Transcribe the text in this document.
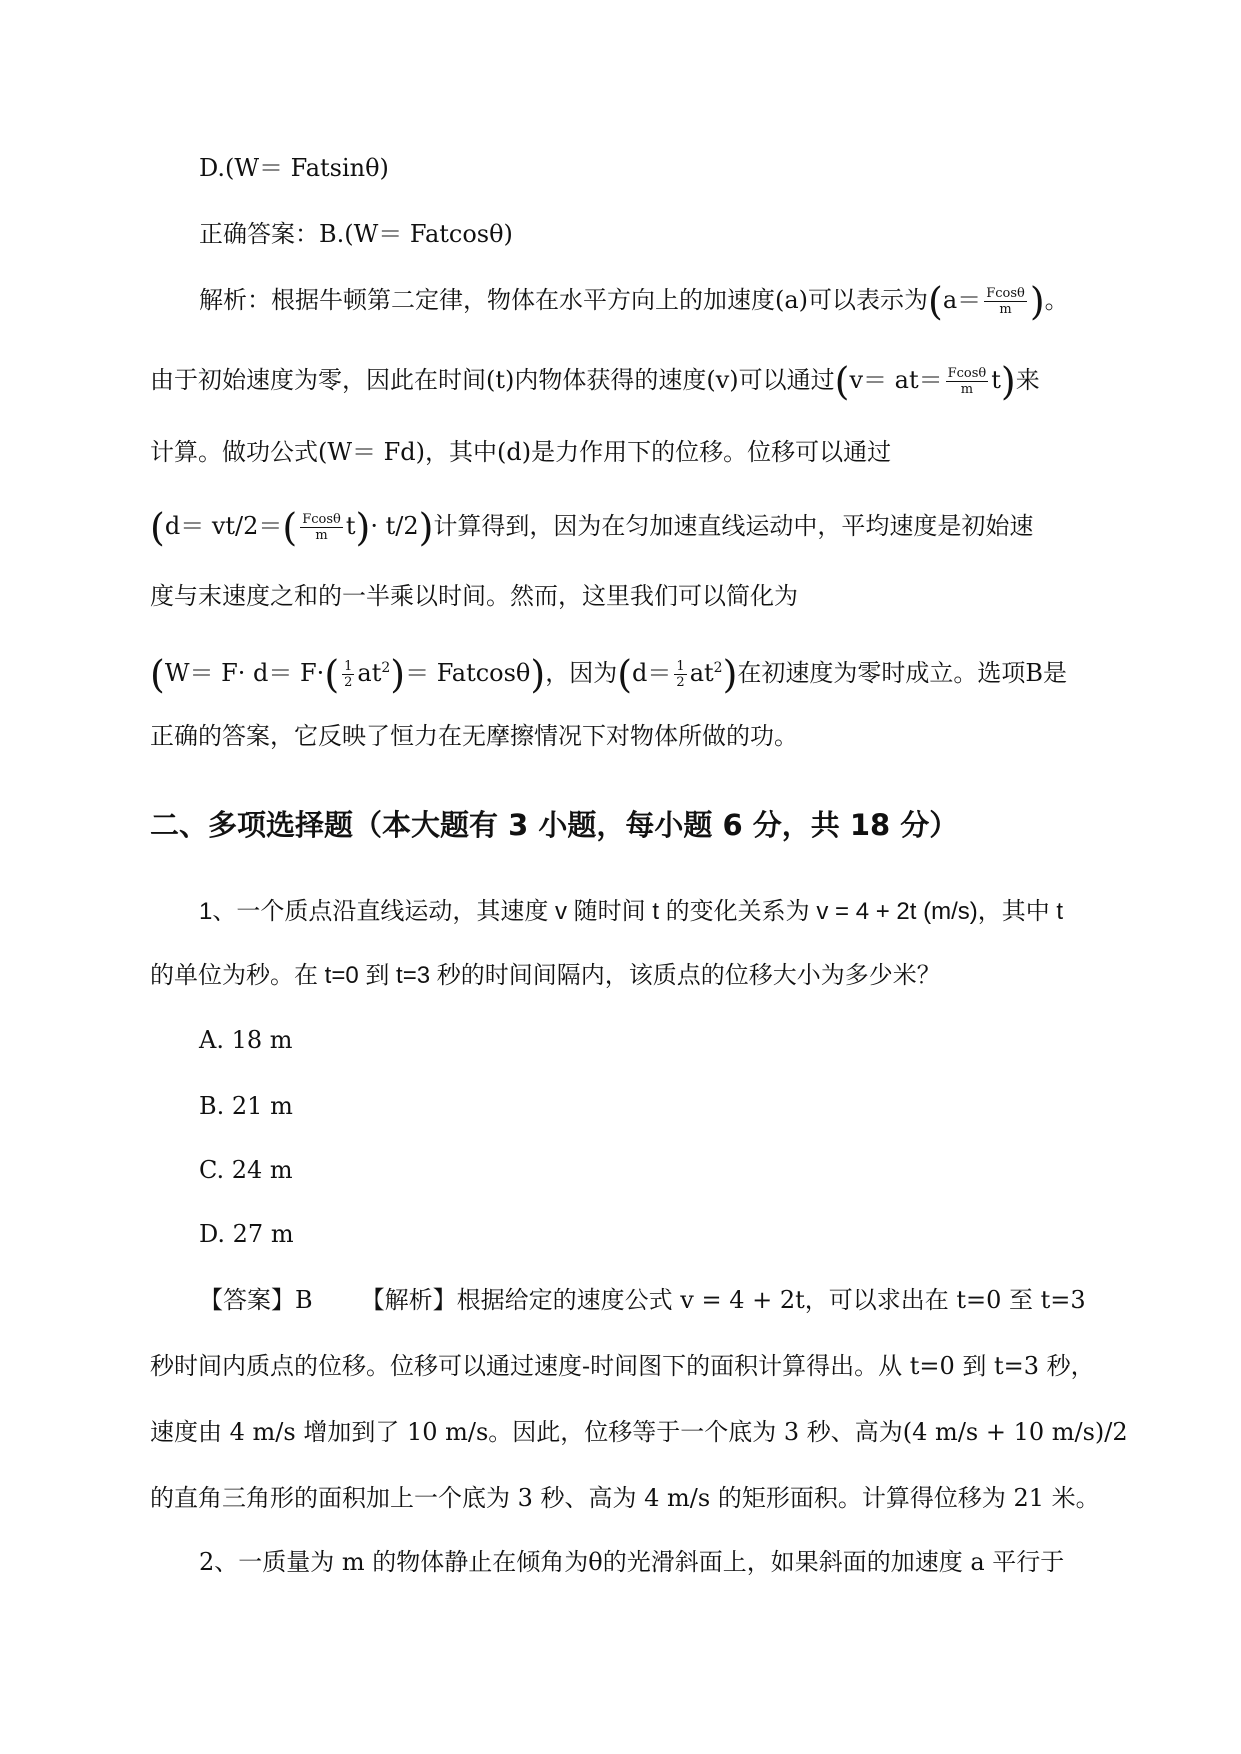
D.(W＝ Fatsinθ)
正确答案：B.(W＝ Fatcosθ)
解析：根据牛顿第二定律，物体在水平方向上的加速度(a)可以表示为($a= \frac{Fcos\theta}{m}$ )。
由于初始速度为零，因此在时间(t)内物体获得的速度(v)可以通过$(v= at= \frac{Fcos\theta}{m} t)$来
计算。做功公式(W＝ Fd)，其中(d)是力作用下的位移。位移可以通过
$(d= vt/2=( \frac{Fcos\theta}{m} t)\cdot t/2)$计算得到，因为在匀加速直线运动中，平均速度是初始速
度与末速度之和的一半乘以时间。然而，这里我们可以简化为
$(W= F\cdot d= F\cdot( \frac{1}{2} at^2)= Fatcos\theta)$，因为$(d= \frac{1}{2} at^2)$在初速度为零时成立。选项B是
正确的答案，它反映了恒力在无摩擦情况下对物体所做的功。
二、多项选择题（本大题有 3 小题，每小题 6 分，共 18 分）
1、一个质点沿直线运动，其速度 v 随时间 t 的变化关系为 v = 4 + 2t (m/s)，其中 t
的单位为秒。在 t=0 到 t=3 秒的时间间隔内，该质点的位移大小为多少米？
A. 18 m
B. 21 m
C. 24 m
D. 27 m
【答案】B 【解析】根据给定的速度公式 v = 4 + 2t，可以求出在 t=0 至 t=3
秒时间内质点的位移。位移可以通过速度-时间图下的面积计算得出。从 t=0 到 t=3 秒，
速度由 4 m/s 增加到了 10 m/s。因此，位移等于一个底为 3 秒、高为(4 m/s + 10 m/s)/2
的直角三角形的面积加上一个底为 3 秒、高为 4 m/s 的矩形面积。计算得位移为 21 米。
2、一质量为 m 的物体静止在倾角为θ的光滑斜面上，如果斜面的加速度 a 平行于
